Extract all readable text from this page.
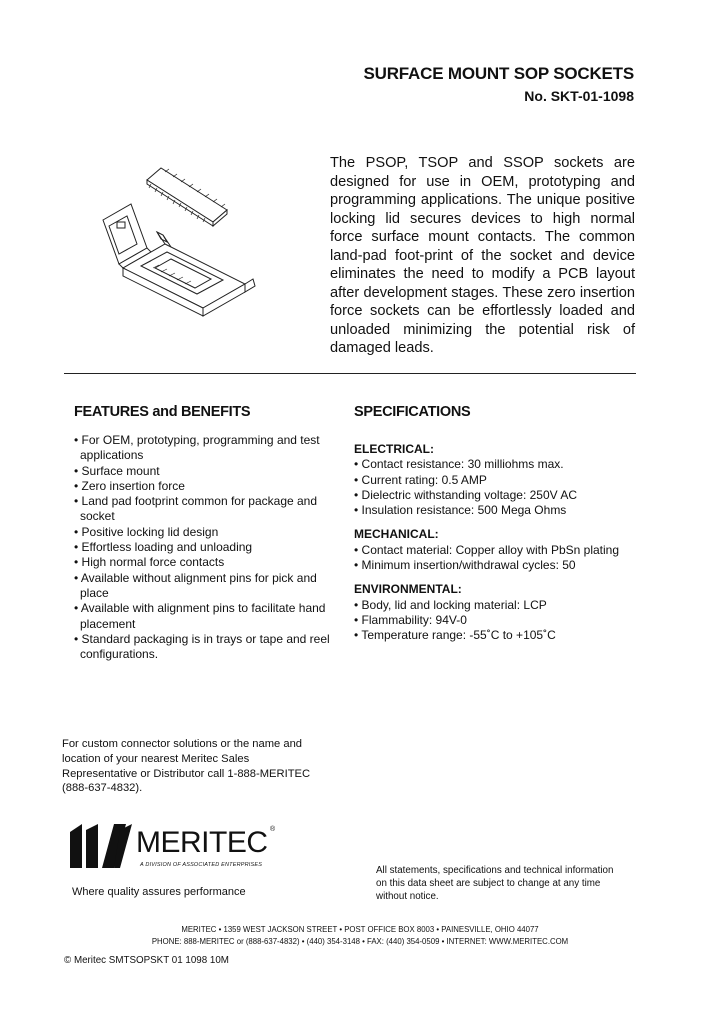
SURFACE MOUNT SOP SOCKETS
No. SKT-01-1098
The PSOP, TSOP and SSOP sockets are designed for use in OEM, prototyping and programming applications. The unique positive locking lid secures devices to high normal force surface mount contacts. The common land-pad foot-print of the socket and device eliminates the need to modify a PCB layout after development stages. These zero insertion force sockets can be effortlessly loaded and unloaded minimizing the potential risk of damaged leads.
FEATURES and BENEFITS
• For OEM, prototyping, programming and test applications
• Surface mount
• Zero insertion force
• Land pad footprint common for package and socket
• Positive locking lid design
• Effortless loading and unloading
• High normal force contacts
• Available without alignment pins for pick and place
• Available with alignment pins to facilitate hand placement
• Standard packaging is in trays or tape and reel configurations.
SPECIFICATIONS
ELECTRICAL:
• Contact resistance: 30 milliohms max.
• Current rating: 0.5 AMP
• Dielectric withstanding voltage: 250V AC
• Insulation resistance: 500 Mega Ohms
MECHANICAL:
• Contact material: Copper alloy with PbSn plating
• Minimum insertion/withdrawal cycles: 50
ENVIRONMENTAL:
• Body, lid and locking material: LCP
• Flammability: 94V-0
• Temperature range: -55˚C to +105˚C
For custom connector solutions or the name and location of your nearest Meritec Sales Representative or Distributor call 1-888-MERITEC (888-637-4832).
MERITEC ®
A DIVISION OF ASSOCIATED ENTERPRISES
Where quality assures performance
All statements, specifications and technical information on this data sheet are subject to change at any time without notice.
MERITEC • 1359 WEST JACKSON STREET • POST OFFICE BOX 8003 • PAINESVILLE, OHIO 44077
PHONE: 888-MERITEC or (888-637-4832) • (440) 354-3148 • FAX: (440) 354-0509 • INTERNET: WWW.MERITEC.COM
© Meritec SMTSOPSKT 01 1098 10M
